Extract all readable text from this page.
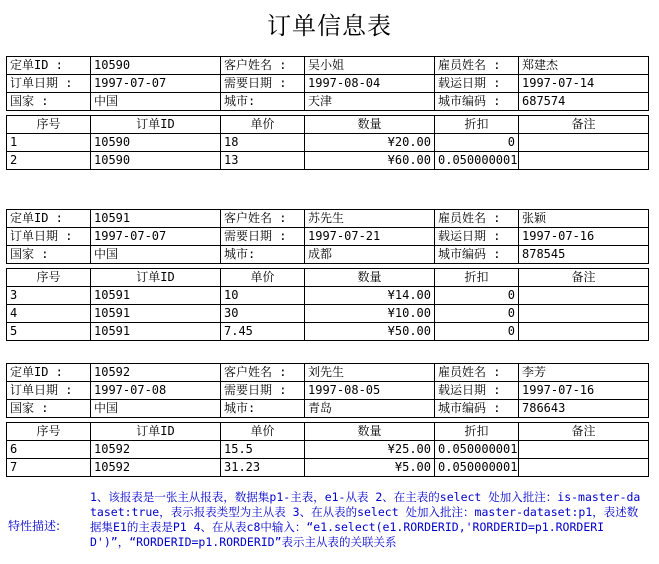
订单信息表
定单ID :	10590	客户姓名 :	吴小姐	雇员姓名 :	郑建杰
订单日期 :	1997-07-07	需要日期 :	1997-08-04	载运日期 :	1997-07-14
国家 :	中国	城市:	天津	城市编码 :	687574

序号	订单ID	单价	数量	折扣	备注
1	10590	18	¥20.00	0	
2	10590	13	¥60.00	0.050000001	
定单ID :	10591	客户姓名 :	苏先生	雇员姓名 :	张颖
订单日期 :	1997-07-07	需要日期 :	1997-07-21	载运日期 :	1997-07-16
国家 :	中国	城市:	成都	城市编码 :	878545

序号	订单ID	单价	数量	折扣	备注
3	10591	10	¥14.00	0	
4	10591	30	¥10.00	0	
5	10591	7.45	¥50.00	0	
定单ID :	10592	客户姓名 :	刘先生	雇员姓名 :	李芳
订单日期 :	1997-07-08	需要日期 :	1997-08-05	载运日期 :	1997-07-16
国家 :	中国	城市:	青岛	城市编码 :	786643

序号	订单ID	单价	数量	折扣	备注
6	10592	15.5	¥25.00	0.050000001	
7	10592	31.23	¥5.00	0.050000001	
特性描述:
1、该报表是一张主从报表，数据集p1-主表，e1-从表 2、在主表的select 处加入批注：is-master-dataset:true，表示报表类型为主从表 3、在从表的select 处加入批注：master-dataset:p1，表述数据集E1的主表是P1 4、在从表c8中输入：“e1.select(e1.RORDERID,'RORDERID=p1.RORDERID')”，“RORDERID=p1.RORDERID”表示主从表的关联关系
